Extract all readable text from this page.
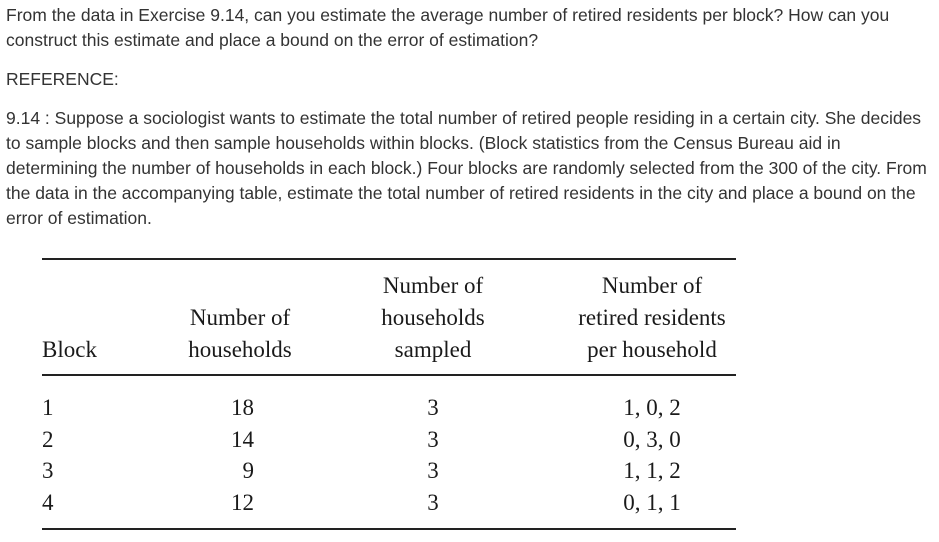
From the data in Exercise 9.14, can you estimate the average number of retired residents per block? How can you construct this estimate and place a bound on the error of estimation?

REFERENCE:

9.14 : Suppose a sociologist wants to estimate the total number of retired people residing in a certain city. She decides to sample blocks and then sample households within blocks. (Block statistics from the Census Bureau aid in determining the number of households in each block.) Four blocks are randomly selected from the 300 of the city. From the data in the accompanying table, estimate the total number of retired residents in the city and place a bound on the error of estimation.

Block
Number of
households
Number of
households
sampled
Number of
retired residents
per household
1
2
3
4
18
14
9
12
3
3
3
3
1, 0, 2
0, 3, 0
1, 1, 2
0, 1, 1
